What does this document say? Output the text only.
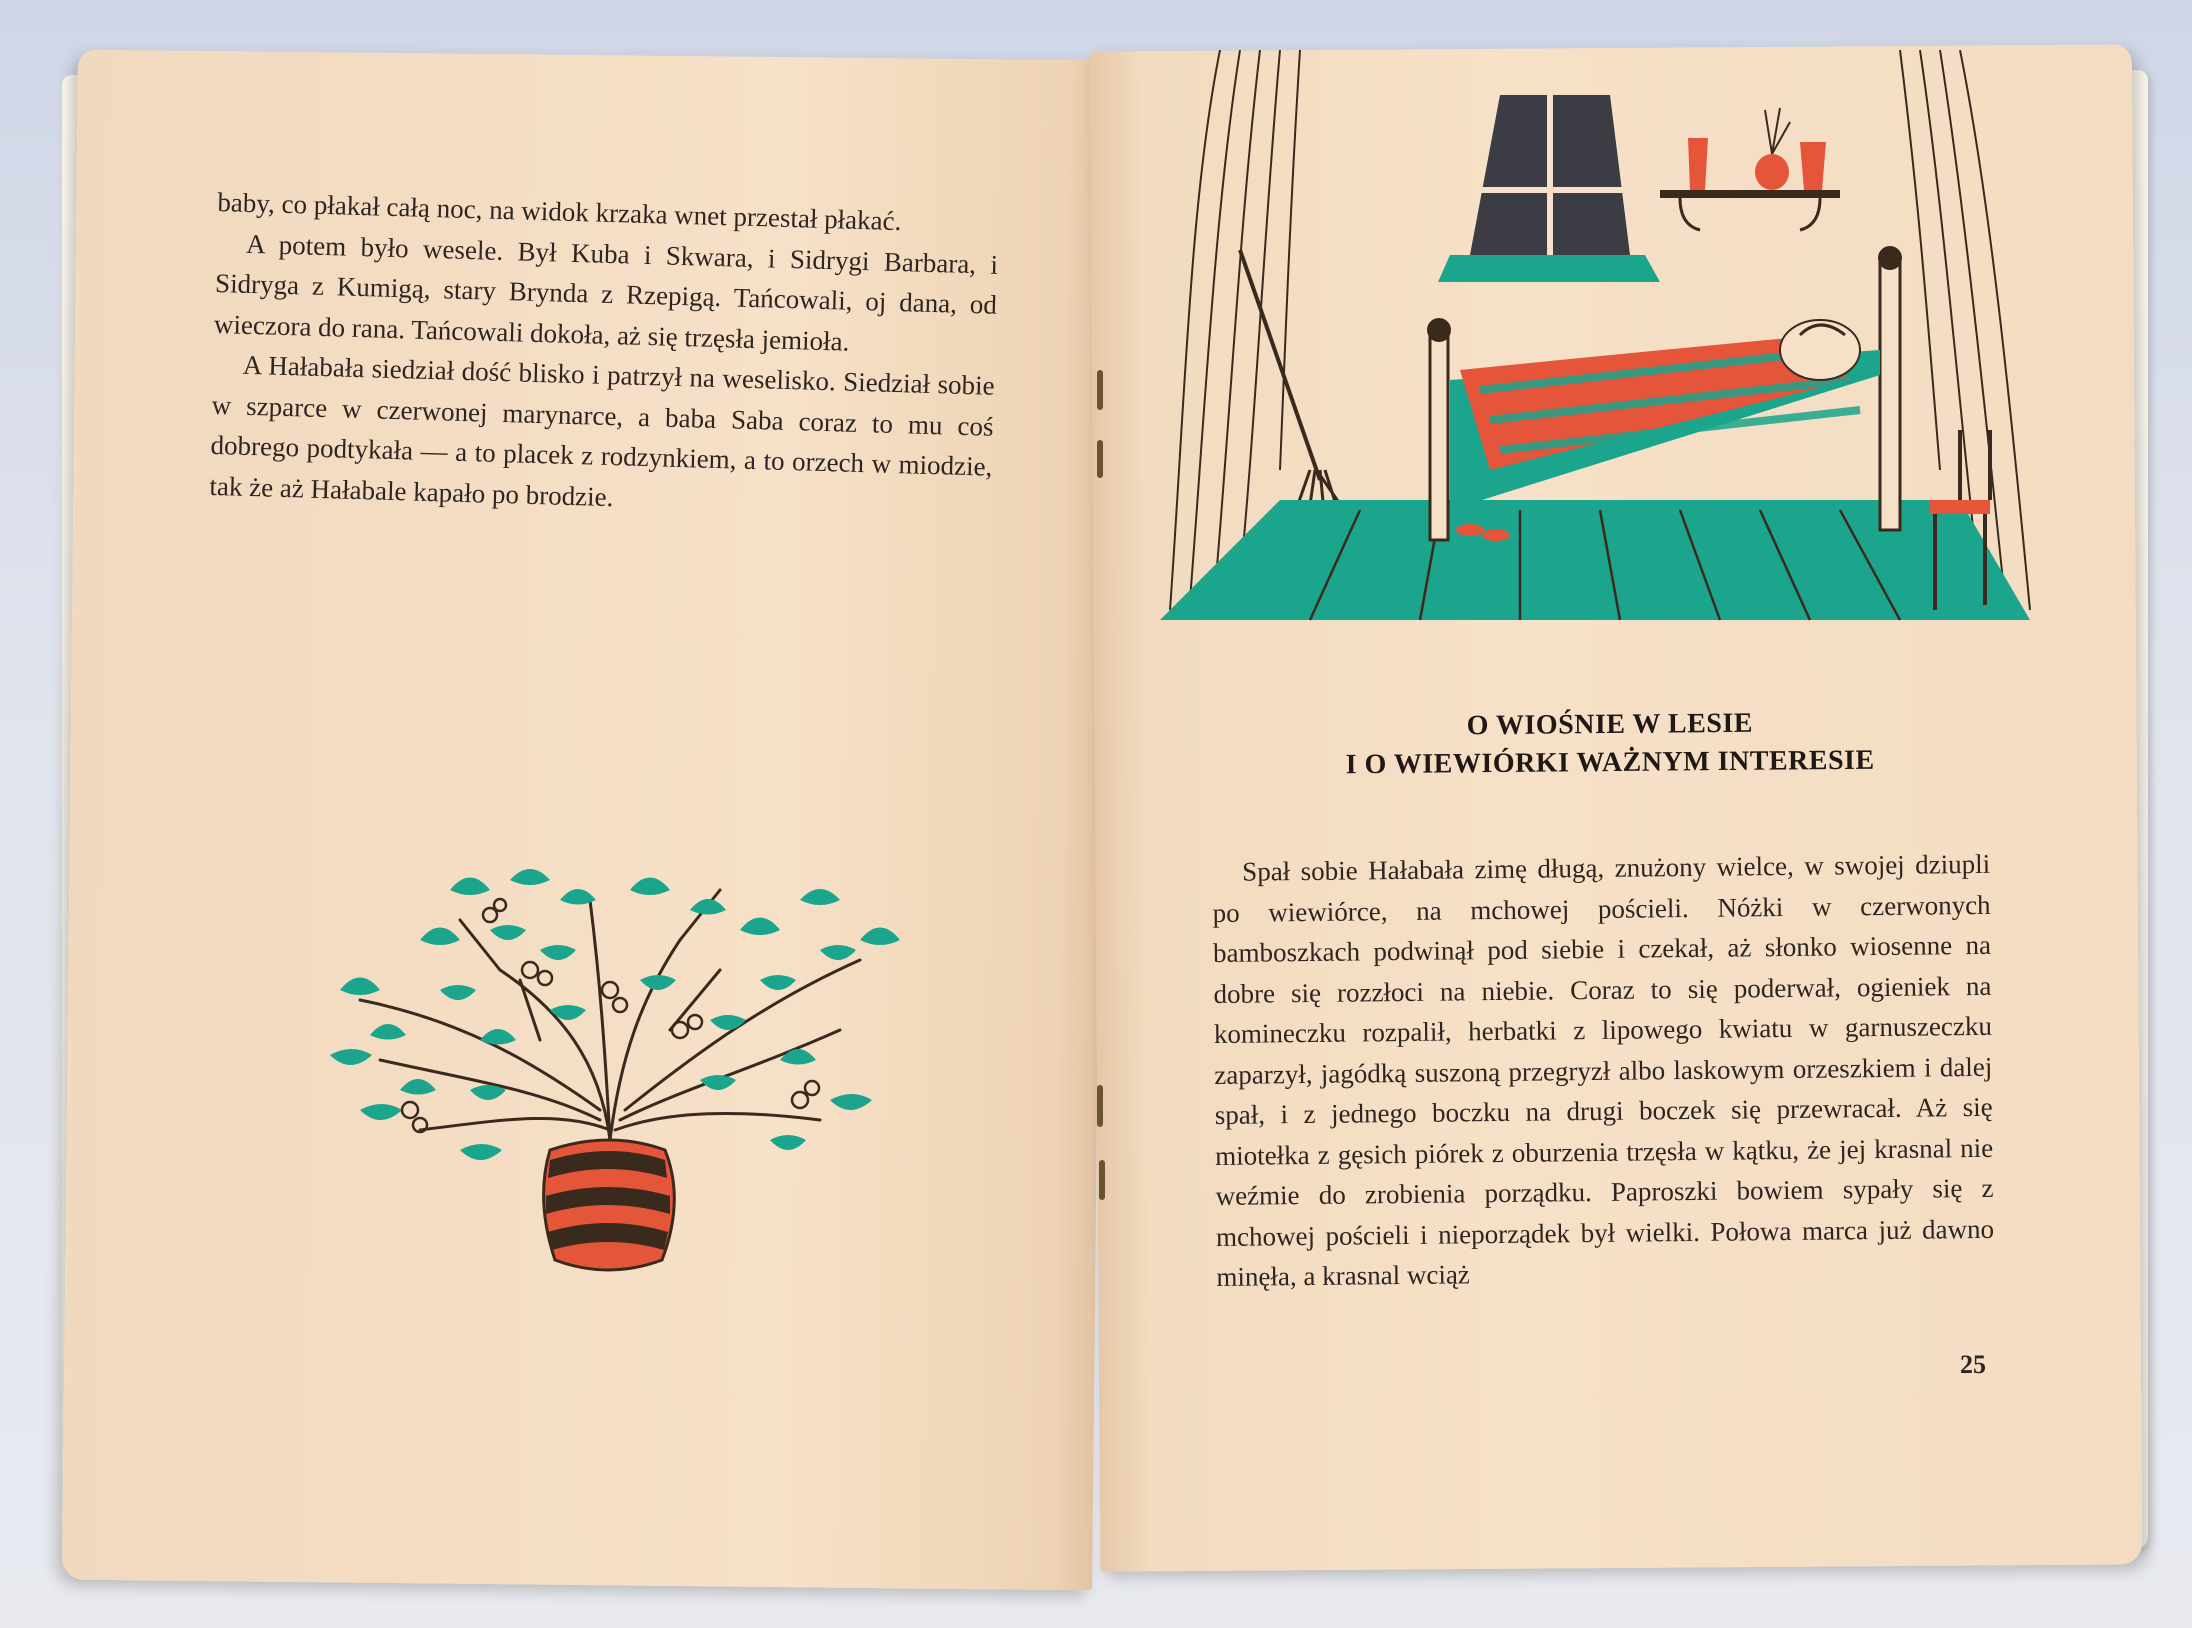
baby, co płakał całą noc, na widok krzaka wnet przestał płakać.

A potem było wesele. Był Kuba i Skwara, i Sidrygi Barbara, i Sidryga z Kumigą, stary Brynda z Rzepigą. Tańcowali, oj dana, od wieczora do rana. Tańcowali dokoła, aż się trzęsła jemioła.

A Hałabała siedział dość blisko i patrzył na weselisko. Siedział sobie w szparce w czerwonej marynarce, a baba Saba coraz to mu coś dobrego podtykała — a to placek z rodzynkiem, a to orzech w miodzie, tak że aż Hałabale kapało po brodzie.

O WIOŚNIE W LESIE
I O WIEWIÓRKI WAŻNYM INTERESIE

Spał sobie Hałabała zimę długą, znużony wielce, w swojej dziupli po wiewiórce, na mchowej pościeli. Nóżki w czerwonych bamboszkach podwinął pod siebie i czekał, aż słonko wiosenne na dobre się rozzłoci na niebie. Coraz to się poderwał, ogieniek na komineczku rozpalił, herbatki z lipowego kwiatu w garnuszeczku zaparzył, jagódką suszoną przegryzł albo laskowym orzeszkiem i dalej spał, i z jednego boczku na drugi boczek się przewracał. Aż się miotełka z gęsich piórek z oburzenia trzęsła w kątku, że jej krasnal nie weźmie do zrobienia porządku. Paproszki bowiem sypały się z mchowej pościeli i nieporządek był wielki. Połowa marca już dawno minęła, a krasnal wciąż

25
